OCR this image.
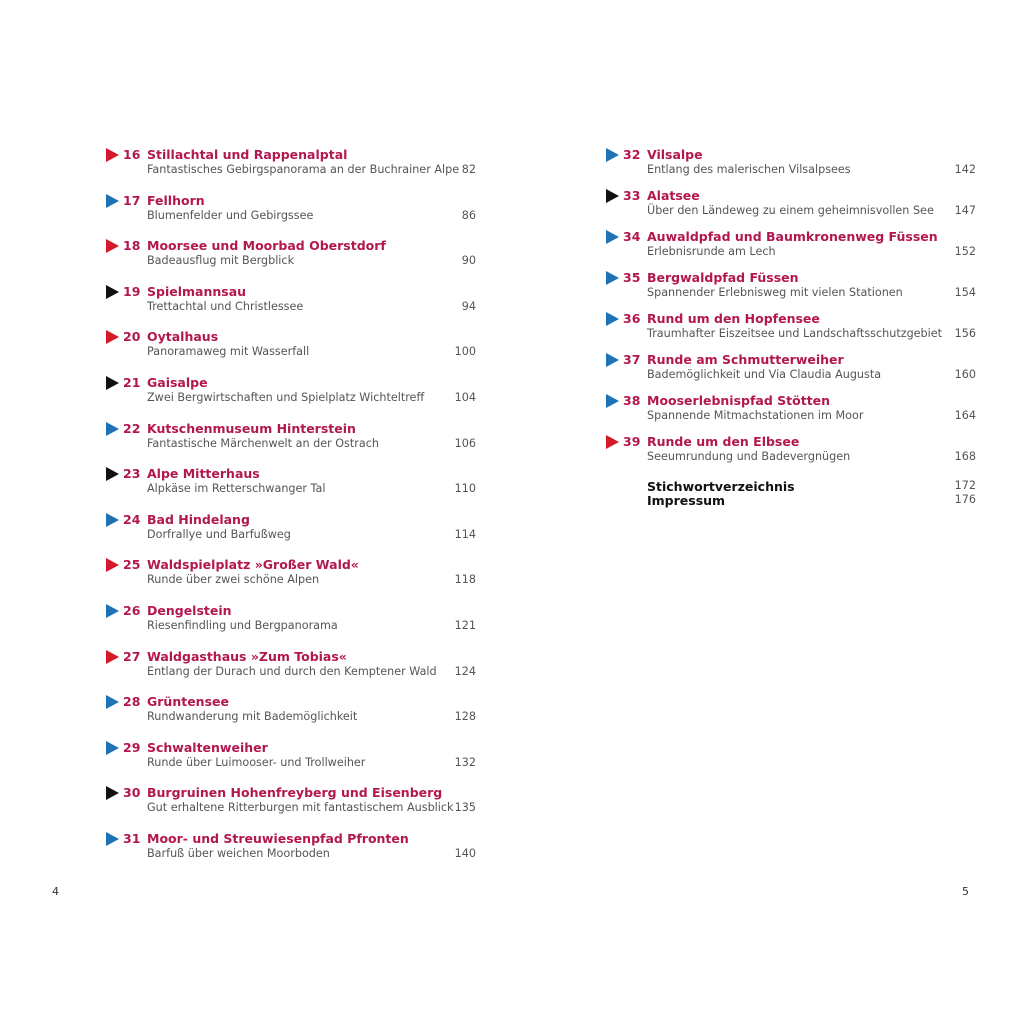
16 Stillachtal und Rappenalptal
Fantastisches Gebirgspanorama an der Buchrainer Alpe 82
17 Fellhorn
Blumenfelder und Gebirgssee	86
18 Moorsee und Moorbad Oberstdorf
Badeausflug mit Bergblick	90
19 Spielmannsau
Trettachtal und Christlessee	94
20 Oytalhaus
Panoramaweg mit Wasserfall	100
21 Gaisalpe
Zwei Bergwirtschaften und Spielplatz Wichteltreff	104
22 Kutschenmuseum Hinterstein
Fantastische Märchenwelt an der Ostrach	106
23 Alpe Mitterhaus
Alpkäse im Retterschwanger Tal	110
24 Bad Hindelang
Dorfrallye und Barfußweg	114
25 Waldspielplatz »Großer Wald«
Runde über zwei schöne Alpen	118
26 Dengelstein
Riesenfindling und Bergpanorama	121
27 Waldgasthaus »Zum Tobias«
Entlang der Durach und durch den Kemptener Wald 124
28 Grüntensee
Rundwanderung mit Bademöglichkeit	128
29 Schwaltenweiher
Runde über Luimooser- und Trollweiher	132
30 Burgruinen Hohenfreyberg und Eisenberg
Gut erhaltene Ritterburgen mit fantastischem Ausblick 135
31 Moor- und Streuwiesenpfad Pfronten
Barfuß über weichen Moorboden	140
32 Vilsalpe
Entlang des malerischen Vilsalpsees	142
33 Alatsee
Über den Ländeweg zu einem geheimnisvollen See 147
34 Auwaldpfad und Baumkronenweg Füssen
Erlebnisrunde am Lech	152
35 Bergwaldpfad Füssen
Spannender Erlebnisweg mit vielen Stationen	154
36 Rund um den Hopfensee
Traumhafter Eiszeitsee und Landschaftsschutzgebiet 156
37 Runde am Schmutterweiher
Bademöglichkeit und Via Claudia Augusta	160
38 Mooserlebnispfad Stötten
Spannende Mitmachstationen im Moor	164
39 Runde um den Elbsee
Seeumrundung und Badevergnügen	168
Stichwortverzeichnis	172
Impressum	176
4	5
